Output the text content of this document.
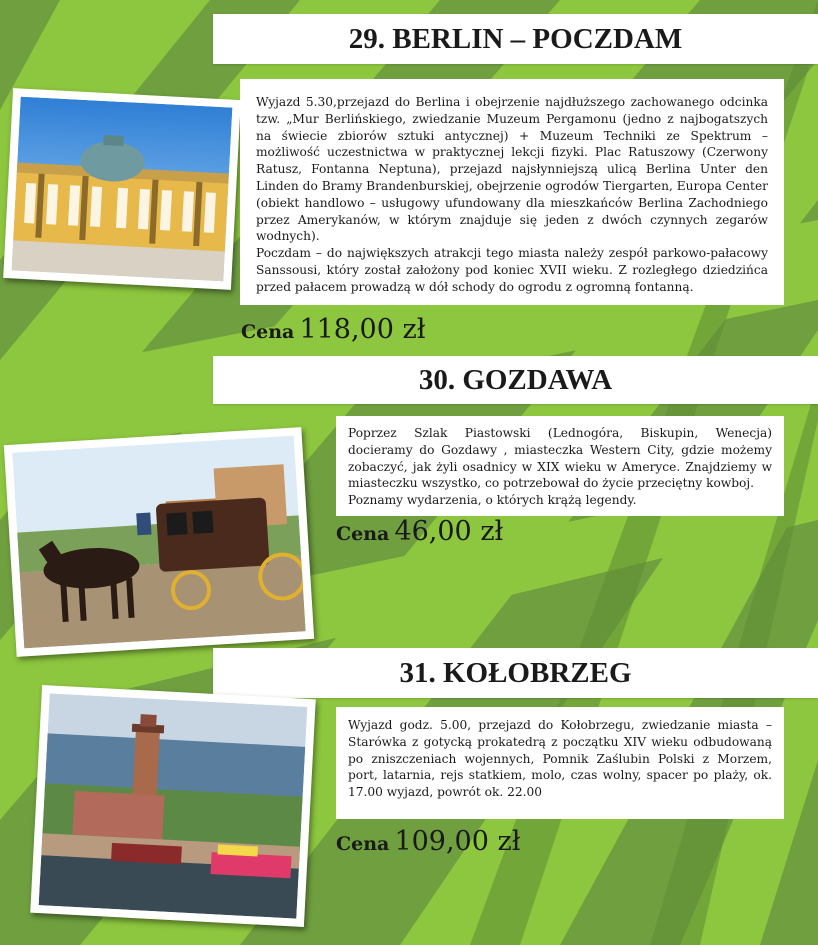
29. BERLIN – POCZDAM

Wyjazd 5.30,przejazd do Berlina i obejrzenie najdłuższego zachowanego odcinka tzw. „Mur Berlińskiego, zwiedzanie Muzeum Pergamonu (jedno z najbogatszych na świecie zbiorów sztuki antycznej) + Muzeum Techniki ze Spektrum – możliwość uczestnictwa w praktycznej lekcji fizyki. Plac Ratuszowy (Czerwony Ratusz, Fontanna Neptuna), przejazd najsłynniejszą ulicą Berlina Unter den Linden do Bramy Brandenburskiej, obejrzenie ogrodów Tiergarten, Europa Center (obiekt handlowo – usługowy ufundowany dla mieszkańców Berlina Zachodniego przez Amerykanów, w którym znajduje się jeden z dwóch czynnych zegarów wodnych).

Poczdam – do największych atrakcji tego miasta należy zespół parkowo-pałacowy Sanssousi, który został założony pod koniec XVII wieku. Z rozległego dziedzińca przed pałacem prowadzą w dół schody do ogrodu z ogromną fontanną.

Cena 118,00 zł
30. GOZDAWA

Poprzez Szlak Piastowski (Lednogóra, Biskupin, Wenecja) docieramy do Gozdawy , miasteczka Western City, gdzie możemy zobaczyć, jak żyli osadnicy w XIX wieku w Ameryce. Znajdziemy w miasteczku wszystko, co potrzebował do życie przeciętny kowboj.

Poznamy wydarzenia, o których krążą legendy.

Cena 46,00 zł
31. KOŁOBRZEG

Wyjazd godz. 5.00, przejazd do Kołobrzegu, zwiedzanie miasta – Starówka z gotycką prokatedrą z początku XIV wieku odbudowaną po zniszczeniach wojennych, Pomnik Zaślubin Polski z Morzem, port, latarnia, rejs statkiem, molo, czas wolny, spacer po plaży, ok. 17.00 wyjazd, powrót ok. 22.00

Cena 109,00 zł
